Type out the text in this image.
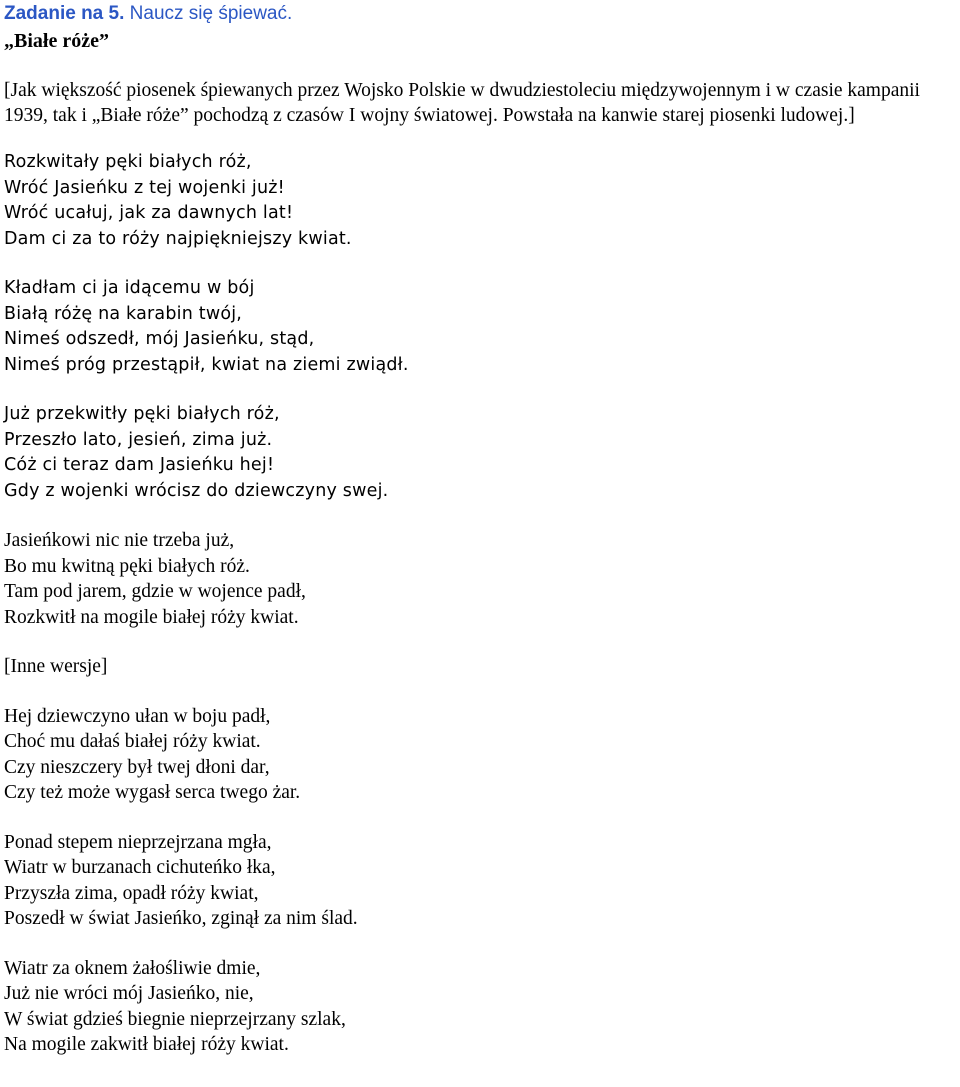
Zadanie na 5. Naucz się śpiewać.
„Białe róże”
[Jak większość piosenek śpiewanych przez Wojsko Polskie w dwudziestoleciu międzywojennym i w czasie kampanii 1939, tak i „Białe róże” pochodzą z czasów I wojny światowej. Powstała na kanwie starej piosenki ludowej.]
Rozkwitały pęki białych róż,
Wróć Jasieńku z tej wojenki już!
Wróć ucałuj, jak za dawnych lat!
Dam ci za to róży najpiękniejszy kwiat.
Kładłam ci ja idącemu w bój
Białą różę na karabin twój,
Nimeś odszedł, mój Jasieńku, stąd,
Nimeś próg przestąpił, kwiat na ziemi zwiądł.
Już przekwitły pęki białych róż,
Przeszło lato, jesień, zima już.
Cóż ci teraz dam Jasieńku hej!
Gdy z wojenki wrócisz do dziewczyny swej.
Jasieńkowi nic nie trzeba już,
Bo mu kwitną pęki białych róż.
Tam pod jarem, gdzie w wojence padł,
Rozkwitł na mogile białej róży kwiat.
[Inne wersje]
Hej dziewczyno ułan w boju padł,
Choć mu dałaś białej róży kwiat.
Czy nieszczery był twej dłoni dar,
Czy też może wygasł serca twego żar.
Ponad stepem nieprzejrzana mgła,
Wiatr w burzanach cichuteńko łka,
Przyszła zima, opadł róży kwiat,
Poszedł w świat Jasieńko, zginął za nim ślad.
Wiatr za oknem żałośliwie dmie,
Już nie wróci mój Jasieńko, nie,
W świat gdzieś biegnie nieprzejrzany szlak,
Na mogile zakwitł białej róży kwiat.
